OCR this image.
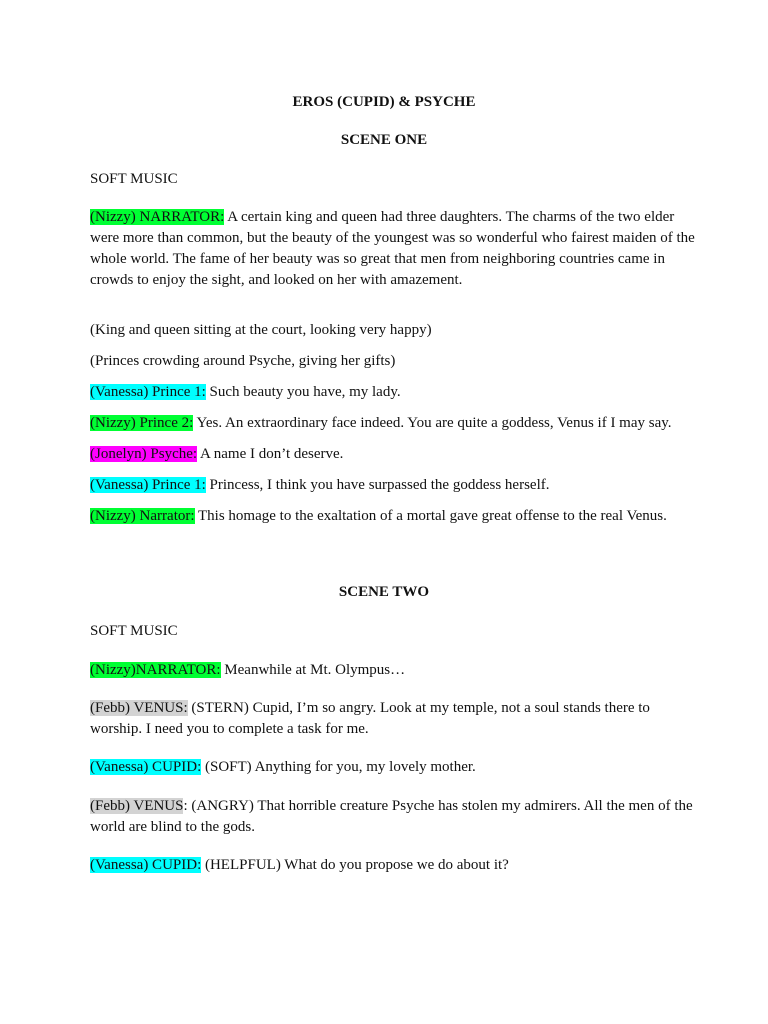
EROS (CUPID) & PSYCHE

SCENE ONE

SOFT MUSIC

(Nizzy) NARRATOR: A certain king and queen had three daughters. The charms of the two elder were more than common, but the beauty of the youngest was so wonderful who fairest maiden of the whole world. The fame of her beauty was so great that men from neighboring countries came in crowds to enjoy the sight, and looked on her with amazement.

(King and queen sitting at the court, looking very happy)

(Princes crowding around Psyche, giving her gifts)

(Vanessa) Prince 1: Such beauty you have, my lady.

(Nizzy) Prince 2: Yes. An extraordinary face indeed. You are quite a goddess, Venus if I may say.

(Jonelyn) Psyche: A name I don’t deserve.

(Vanessa) Prince 1: Princess, I think you have surpassed the goddess herself.

(Nizzy) Narrator: This homage to the exaltation of a mortal gave great offense to the real Venus.

SCENE TWO

SOFT MUSIC

(Nizzy)NARRATOR: Meanwhile at Mt. Olympus…

(Febb) VENUS: (STERN) Cupid, I’m so angry. Look at my temple, not a soul stands there to worship. I need you to complete a task for me.

(Vanessa) CUPID: (SOFT) Anything for you, my lovely mother.

(Febb) VENUS: (ANGRY) That horrible creature Psyche has stolen my admirers. All the men of the world are blind to the gods.

(Vanessa) CUPID: (HELPFUL) What do you propose we do about it?
